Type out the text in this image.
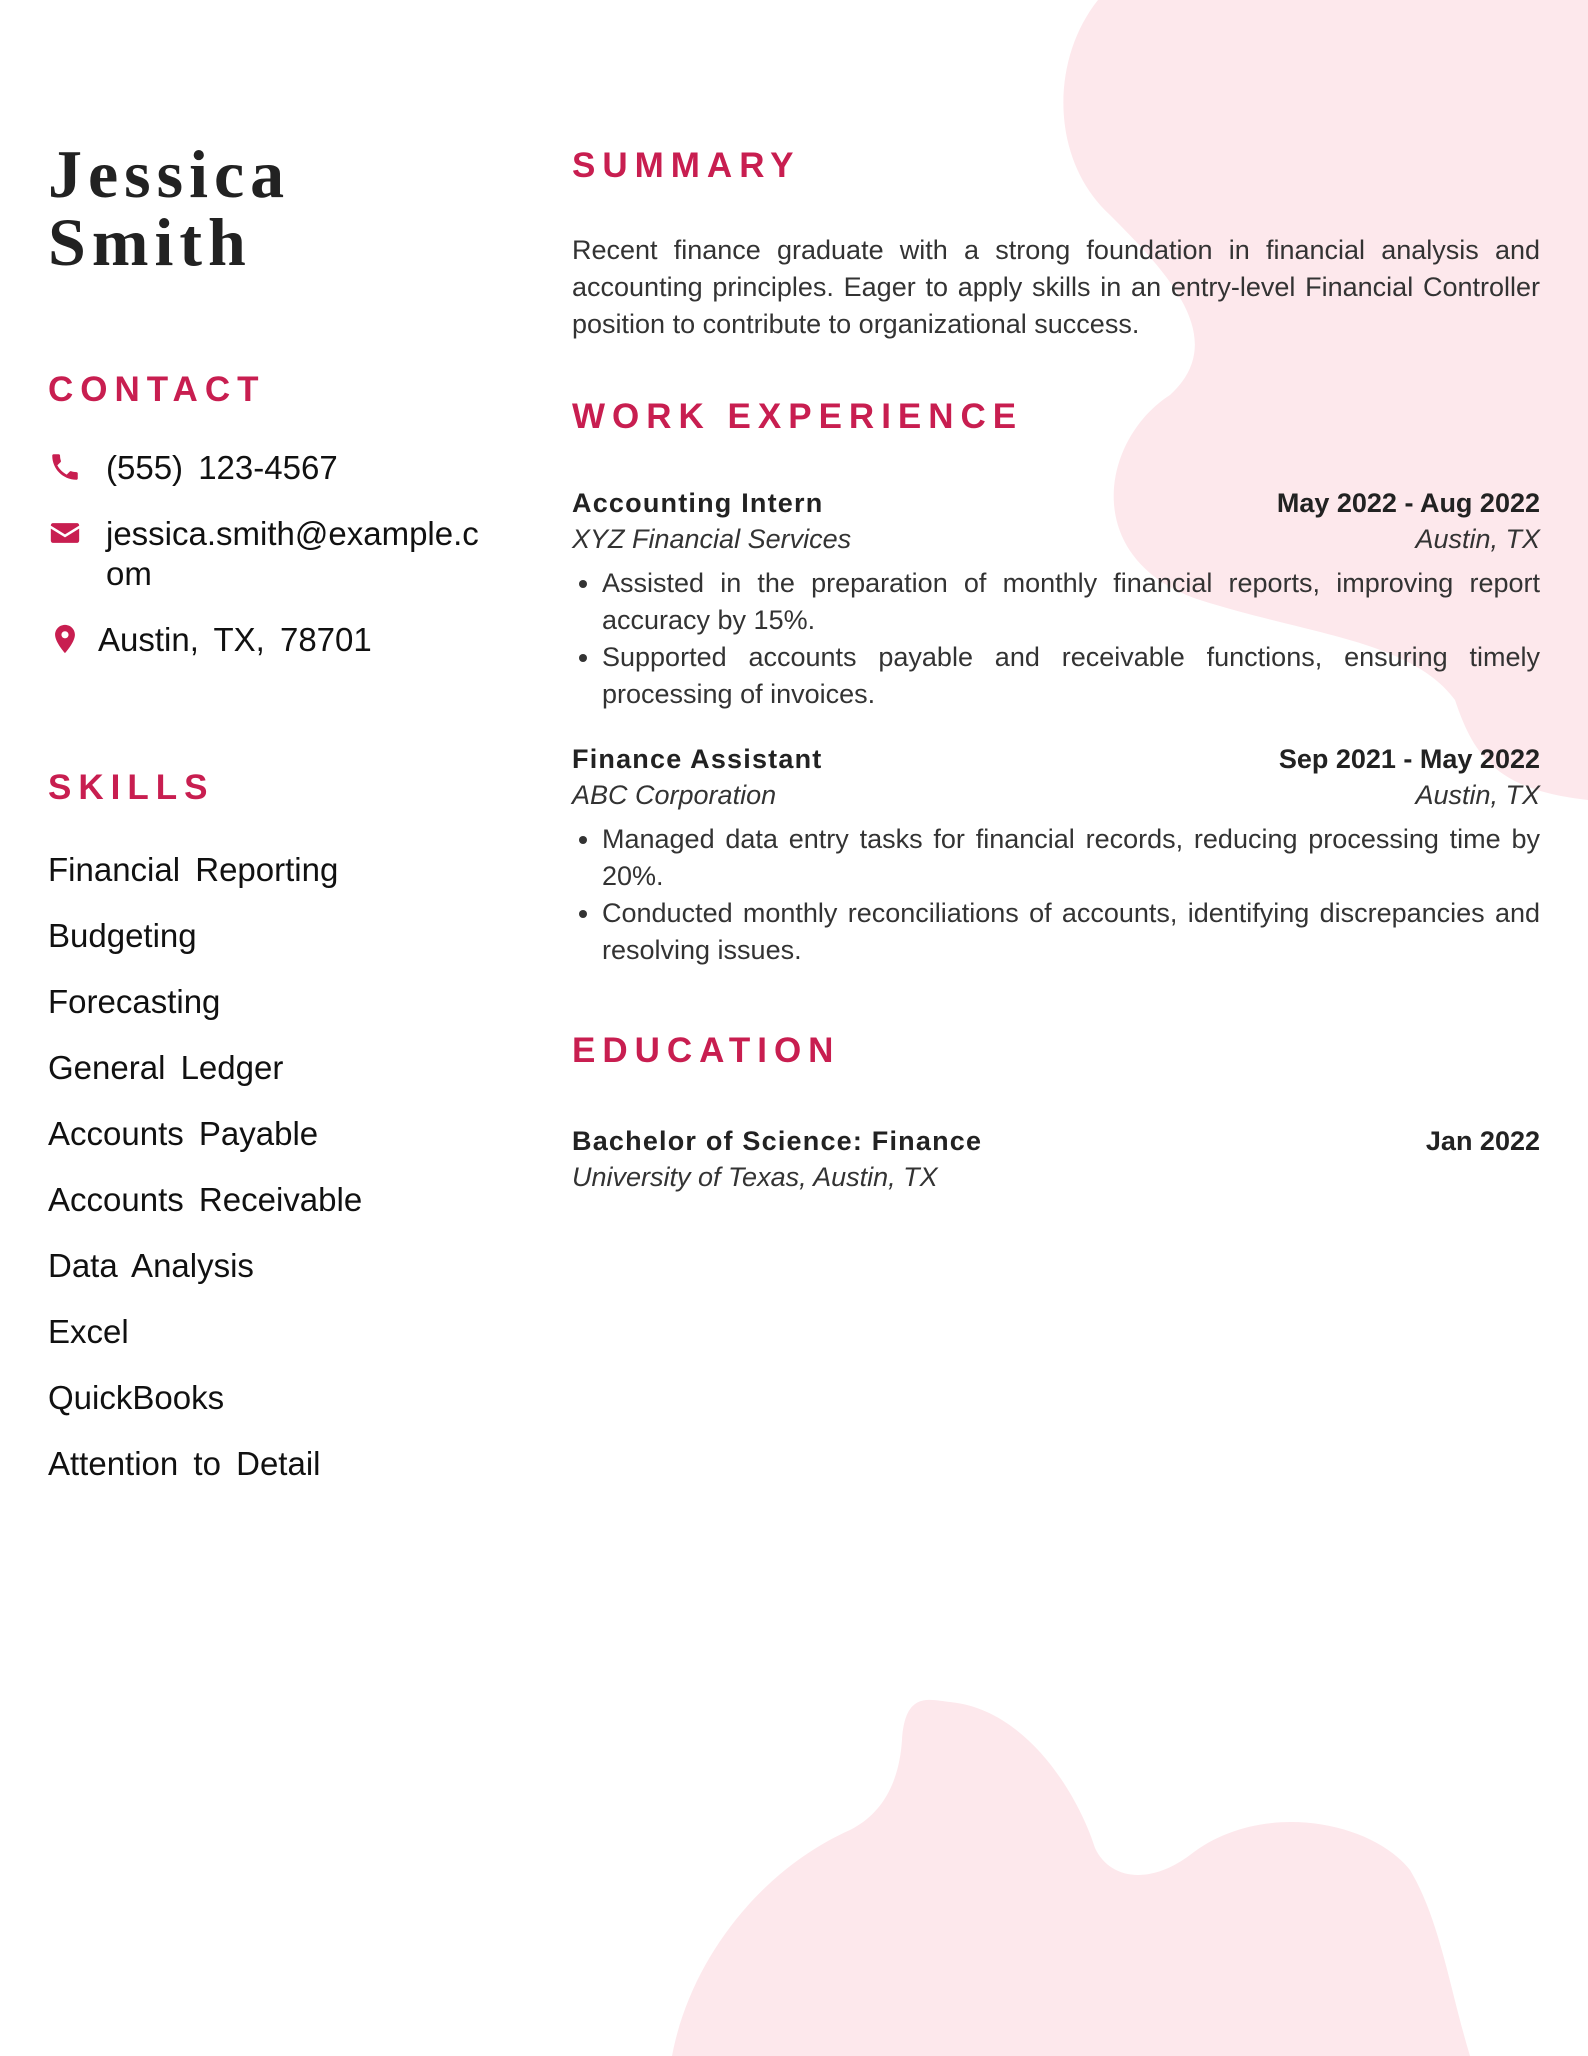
Jessica
Smith
CONTACT
(555) 123-4567
jessica.smith@example.com
Austin, TX, 78701
SKILLS
Financial Reporting
Budgeting
Forecasting
General Ledger
Accounts Payable
Accounts Receivable
Data Analysis
Excel
QuickBooks
Attention to Detail
SUMMARY

Recent finance graduate with a strong foundation in financial analysis and accounting principles. Eager to apply skills in an entry-level Financial Controller position to contribute to organizational success.

WORK EXPERIENCE
Accounting Intern	May 2022 - Aug 2022
XYZ Financial Services	Austin, TX
• Assisted in the preparation of monthly financial reports, improving report accuracy by 15%.
• Supported accounts payable and receivable functions, ensuring timely processing of invoices.
Finance Assistant	Sep 2021 - May 2022
ABC Corporation	Austin, TX
• Managed data entry tasks for financial records, reducing processing time by 20%.
• Conducted monthly reconciliations of accounts, identifying discrepancies and resolving issues.
EDUCATION
Bachelor of Science: Finance	Jan 2022
University of Texas, Austin, TX
